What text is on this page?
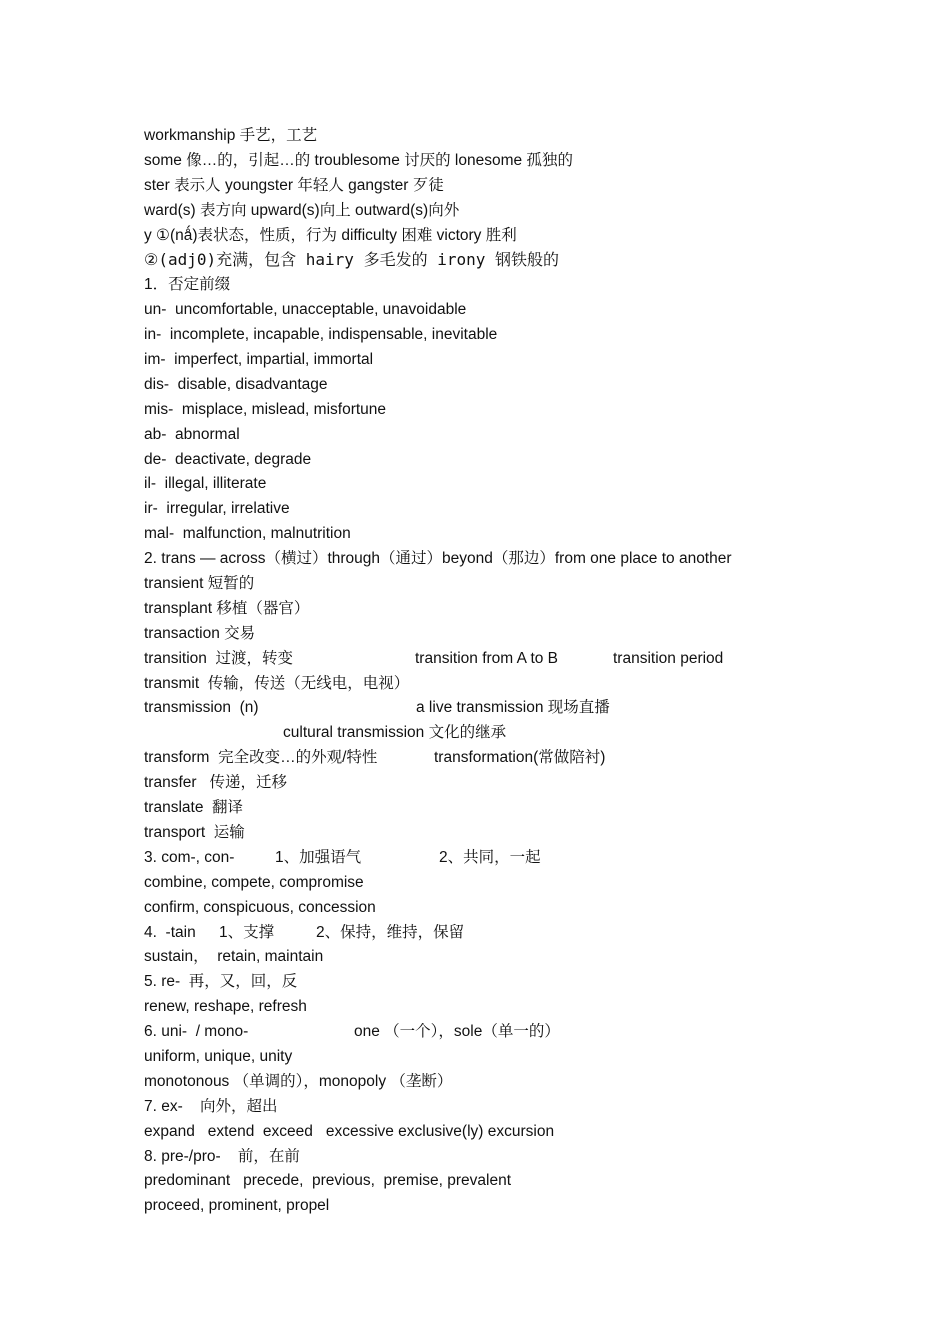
workmanship 手艺，工艺
some 像…的，引起…的 troublesome 讨厌的 lonesome 孤独的
ster 表示人 youngster 年轻人 gangster 歹徒
ward(s) 表方向 upward(s)向上 outward(s)向外
y ①(nǻ)表状态，性质，行为 difficulty 困难 victory 胜利
②(adj0)充满，包含 hairy 多毛发的 irony 钢铁般的
1．否定前缀
un-  uncomfortable, unacceptable, unavoidable
in-  incomplete, incapable, indispensable, inevitable
im-  imperfect, impartial, immortal
dis-  disable, disadvantage
mis-  misplace, mislead, misfortune
ab-  abnormal
de-  deactivate, degrade
il-  illegal, illiterate
ir-  irregular, irrelative
mal-  malfunction, malnutrition
2. trans — across（横过）through（通过）beyond（那边）from one place to another
transient 短暂的
transplant 移植（器官）
transaction 交易

transition  过渡，转变

	transition from A to B

	transition period

transmit  传输，传送（无线电，电视）

transmission  (n)

	a live transmission 现场直播

cultural transmission 文化的继承

transform  完全改变…的外观/特性

	transformation(常做陪衬)

transfer   传递，迁移
translate  翻译
transport  运输

3. com-, con-

	1、加强语气

	2、共同，一起

combine, compete, compromise
confirm, conspicuous, concession

4.  -tain

1、支撑

	2、保持，维持，保留

sustain，  retain, maintain
5. re-  再，又，回，反
renew, reshape, refresh

6. uni-  / mono-

	one （一个），sole（单一的）

uniform, unique, unity
monotonous （单调的），monopoly （垄断）
7. ex-    向外，超出
expand   extend  exceed   excessive exclusive(ly) excursion
8. pre-/pro-    前，在前
predominant   precede,  previous,  premise, prevalent
proceed, prominent, propel
